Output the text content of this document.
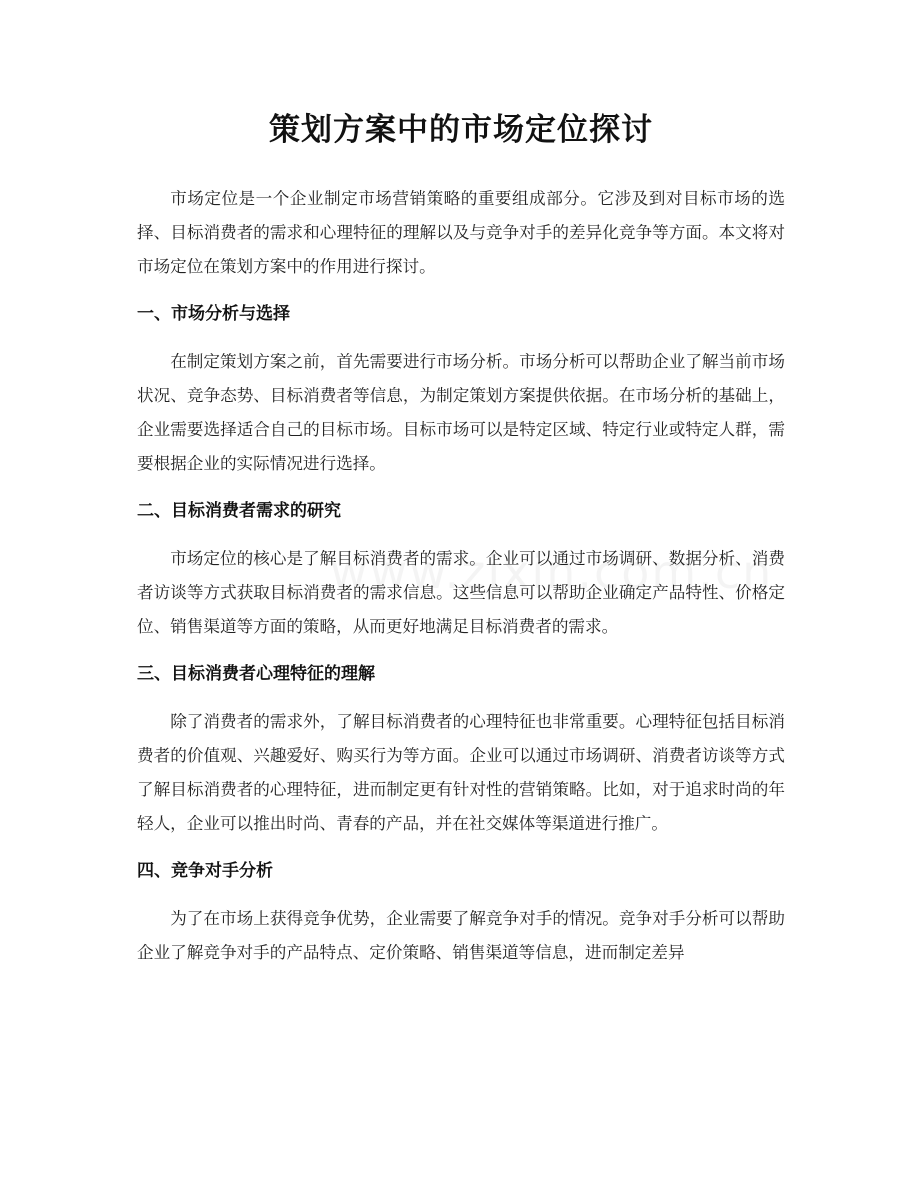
策划方案中的市场定位探讨

市场定位是一个企业制定市场营销策略的重要组成部分。它涉及到对目标市场的选择、目标消费者的需求和心理特征的理解以及与竞争对手的差异化竞争等方面。本文将对市场定位在策划方案中的作用进行探讨。

一、市场分析与选择

在制定策划方案之前，首先需要进行市场分析。市场分析可以帮助企业了解当前市场状况、竞争态势、目标消费者等信息，为制定策划方案提供依据。在市场分析的基础上，企业需要选择适合自己的目标市场。目标市场可以是特定区域、特定行业或特定人群，需要根据企业的实际情况进行选择。

二、目标消费者需求的研究

市场定位的核心是了解目标消费者的需求。企业可以通过市场调研、数据分析、消费者访谈等方式获取目标消费者的需求信息。这些信息可以帮助企业确定产品特性、价格定位、销售渠道等方面的策略，从而更好地满足目标消费者的需求。

三、目标消费者心理特征的理解

除了消费者的需求外，了解目标消费者的心理特征也非常重要。心理特征包括目标消费者的价值观、兴趣爱好、购买行为等方面。企业可以通过市场调研、消费者访谈等方式了解目标消费者的心理特征，进而制定更有针对性的营销策略。比如，对于追求时尚的年轻人，企业可以推出时尚、青春的产品，并在社交媒体等渠道进行推广。

四、竞争对手分析

为了在市场上获得竞争优势，企业需要了解竞争对手的情况。竞争对手分析可以帮助企业了解竞争对手的产品特点、定价策略、销售渠道等信息，进而制定差异
